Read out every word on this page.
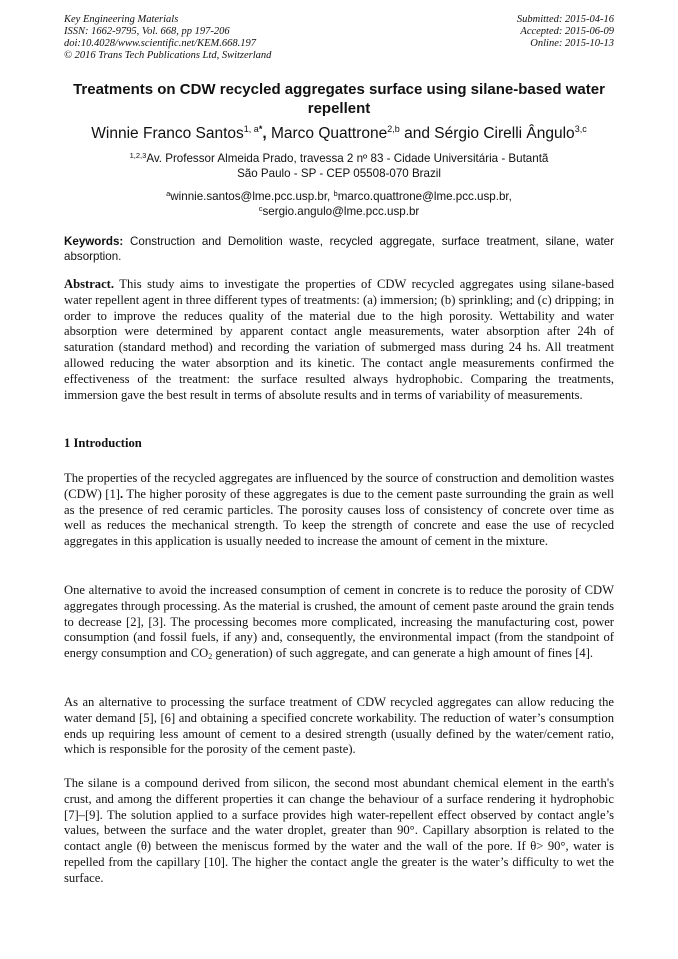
Key Engineering Materials
ISSN: 1662-9795, Vol. 668, pp 197-206
doi:10.4028/www.scientific.net/KEM.668.197
© 2016 Trans Tech Publications Ltd, Switzerland
Submitted: 2015-04-16
Accepted: 2015-06-09
Online: 2015-10-13
Treatments on CDW recycled aggregates surface using silane-based water repellent
Winnie Franco Santos$^{1, a*}$, Marco Quattrone$^{2,b}$ and Sérgio Cirelli Ângulo$^{3,c}$
$^{1,2,3}$Av. Professor Almeida Prado, travessa 2 nº 83 - Cidade Universitária - Butantã
São Paulo - SP - CEP 05508-070 Brazil
$^a$winnie.santos@lme.pcc.usp.br, $^b$marco.quattrone@lme.pcc.usp.br,
$^c$sergio.angulo@lme.pcc.usp.br
Keywords: Construction and Demolition waste, recycled aggregate, surface treatment, silane, water absorption.
Abstract. This study aims to investigate the properties of CDW recycled aggregates using silane-based water repellent agent in three different types of treatments: (a) immersion; (b) sprinkling; and (c) dripping; in order to improve the reduces quality of the material due to the high porosity. Wettability and water absorption were determined by apparent contact angle measurements, water absorption after 24h of saturation (standard method) and recording the variation of submerged mass during 24 hs. All treatment allowed reducing the water absorption and its kinetic. The contact angle measurements confirmed the effectiveness of the treatment: the surface resulted always hydrophobic. Comparing the treatments, immersion gave the best result in terms of absolute results and in terms of variability of measurements.
1 Introduction
The properties of the recycled aggregates are influenced by the source of construction and demolition wastes (CDW) [1]. The higher porosity of these aggregates is due to the cement paste surrounding the grain as well as the presence of red ceramic particles. The porosity causes loss of consistency of concrete over time as well as reduces the mechanical strength. To keep the strength of concrete and ease the use of recycled aggregates in this application is usually needed to increase the amount of cement in the mixture.
One alternative to avoid the increased consumption of cement in concrete is to reduce the porosity of CDW aggregates through processing. As the material is crushed, the amount of cement paste around the grain tends to decrease [2], [3]. The processing becomes more complicated, increasing the manufacturing cost, power consumption (and fossil fuels, if any) and, consequently, the environmental impact (from the standpoint of energy consumption and $CO_2$ generation) of such aggregate, and can generate a high amount of fines [4].
As an alternative to processing the surface treatment of CDW recycled aggregates can allow reducing the water demand [5], [6] and obtaining a specified concrete workability. The reduction of water’s consumption ends up requiring less amount of cement to a desired strength (usually defined by the water/cement ratio, which is responsible for the porosity of the cement paste).
The silane is a compound derived from silicon, the second most abundant chemical element in the earth's crust, and among the different properties it can change the behaviour of a surface rendering it hydrophobic [7]–[9]. The solution applied to a surface provides high water-repellent effect observed by contact angle’s values, between the surface and the water droplet, greater than 90°. Capillary absorption is related to the contact angle (θ) between the meniscus formed by the water and the wall of the pore. If θ> 90°, water is repelled from the capillary [10]. The higher the contact angle the greater is the water’s difficulty to wet the surface.
